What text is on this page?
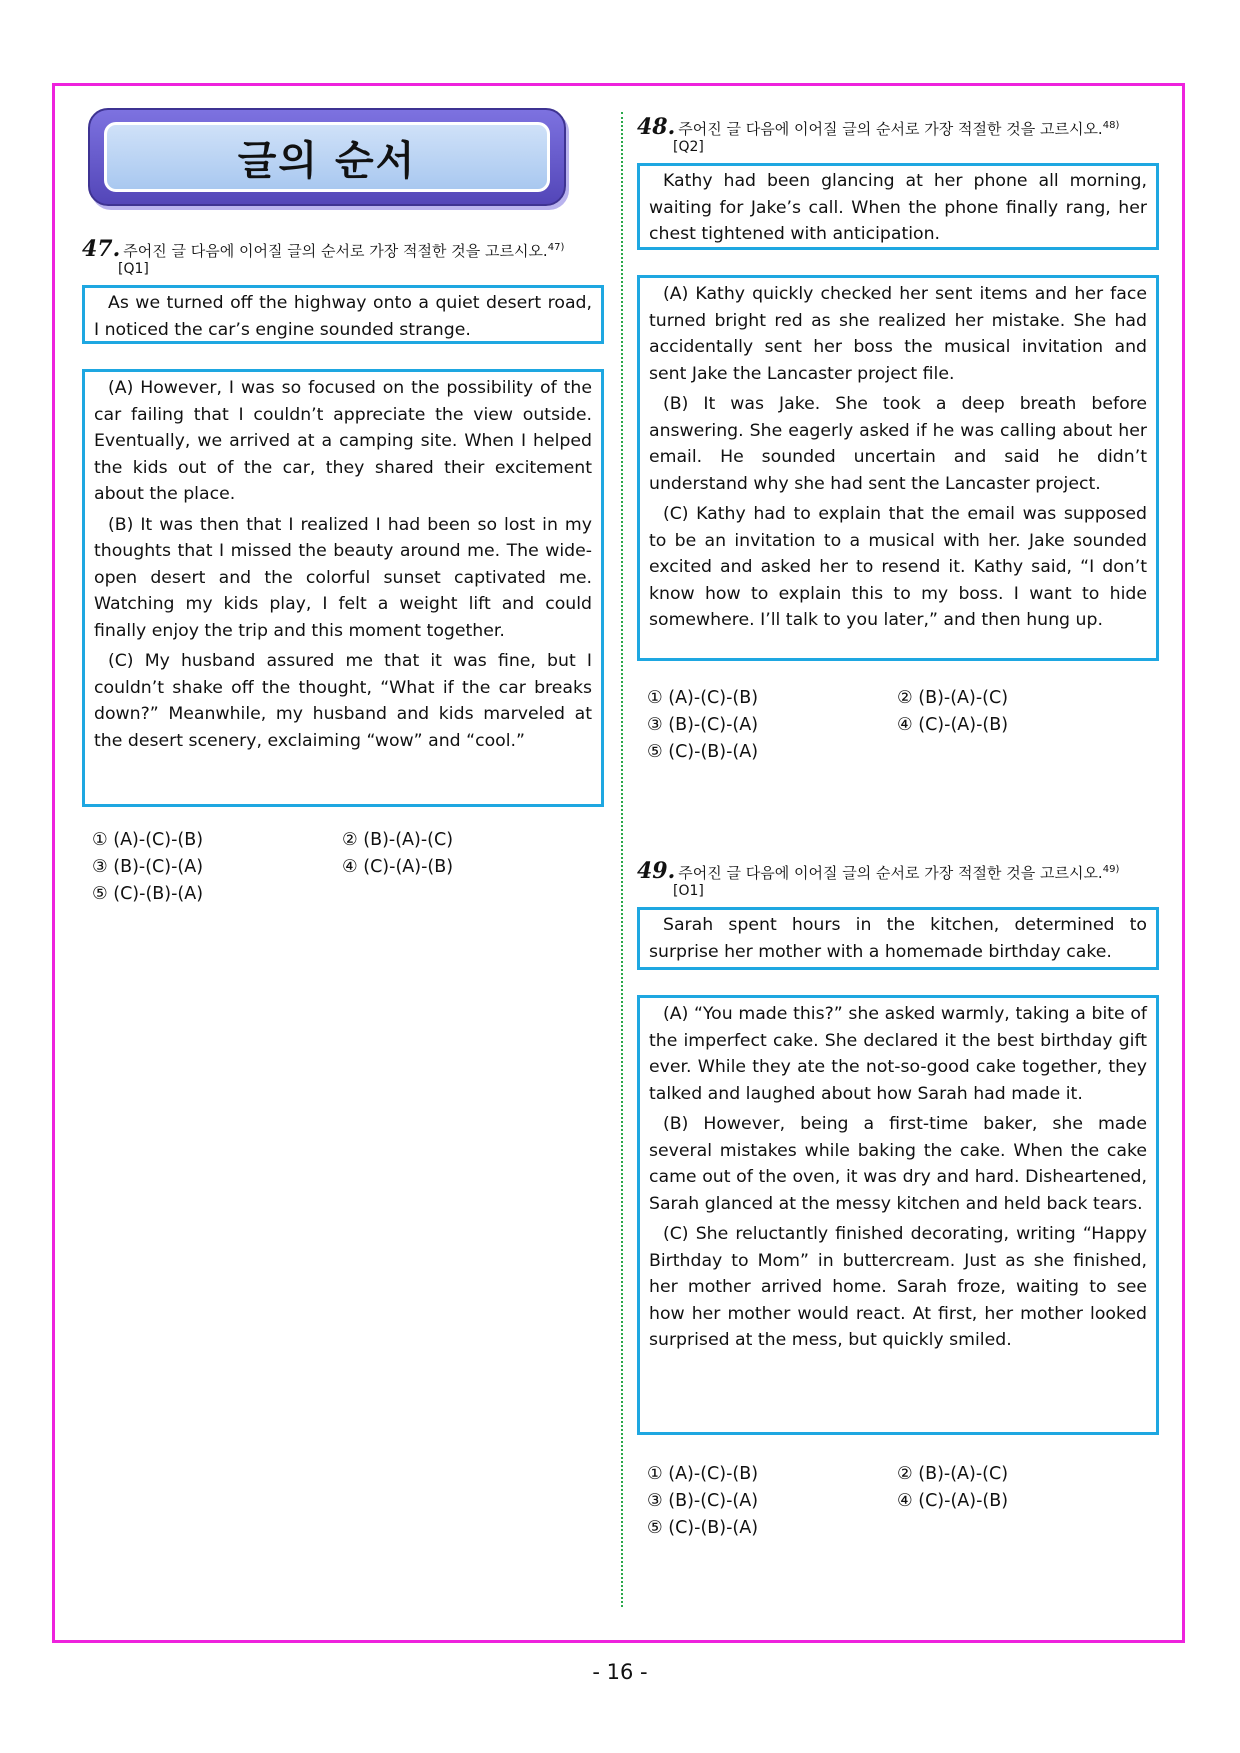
글의 순서
47. 주어진 글 다음에 이어질 글의 순서로 가장 적절한 것을 고르시오.$^{47)}$
[Q1]

As we turned off the highway onto a quiet desert road, I noticed the car’s engine sounded strange.

(A) However, I was so focused on the possibility of the car failing that I couldn’t appreciate the view outside. Eventually, we arrived at a camping site. When I helped the kids out of the car, they shared their excitement about the place.

(B) It was then that I realized I had been so lost in my thoughts that I missed the beauty around me. The wide-open desert and the colorful sunset captivated me. Watching my kids play, I felt a weight lift and could finally enjoy the trip and this moment together.

(C) My husband assured me that it was fine, but I couldn’t shake off the thought, “What if the car breaks down?” Meanwhile, my husband and kids marveled at the desert scenery, exclaiming “wow” and “cool.”

① (A)-(C)-(B)	② (B)-(A)-(C)
③ (B)-(C)-(A)	④ (C)-(A)-(B)
⑤ (C)-(B)-(A)
48. 주어진 글 다음에 이어질 글의 순서로 가장 적절한 것을 고르시오.$^{48)}$
[Q2]

Kathy had been glancing at her phone all morning, waiting for Jake’s call. When the phone finally rang, her chest tightened with anticipation.

(A) Kathy quickly checked her sent items and her face turned bright red as she realized her mistake. She had accidentally sent her boss the musical invitation and sent Jake the Lancaster project file.

(B) It was Jake. She took a deep breath before answering. She eagerly asked if he was calling about her email. He sounded uncertain and said he didn’t understand why she had sent the Lancaster project.

(C) Kathy had to explain that the email was supposed to be an invitation to a musical with her. Jake sounded excited and asked her to resend it. Kathy said, “I don’t know how to explain this to my boss. I want to hide somewhere. I’ll talk to you later,” and then hung up.

① (A)-(C)-(B)	② (B)-(A)-(C)
③ (B)-(C)-(A)	④ (C)-(A)-(B)
⑤ (C)-(B)-(A)
49. 주어진 글 다음에 이어질 글의 순서로 가장 적절한 것을 고르시오.$^{49)}$
[O1]

Sarah spent hours in the kitchen, determined to surprise her mother with a homemade birthday cake.

(A) “You made this?” she asked warmly, taking a bite of the imperfect cake. She declared it the best birthday gift ever. While they ate the not-so-good cake together, they talked and laughed about how Sarah had made it.

(B) However, being a first-time baker, she made several mistakes while baking the cake. When the cake came out of the oven, it was dry and hard. Disheartened, Sarah glanced at the messy kitchen and held back tears.

(C) She reluctantly finished decorating, writing “Happy Birthday to Mom” in buttercream. Just as she finished, her mother arrived home. Sarah froze, waiting to see how her mother would react. At first, her mother looked surprised at the mess, but quickly smiled.

① (A)-(C)-(B)	② (B)-(A)-(C)
③ (B)-(C)-(A)	④ (C)-(A)-(B)
⑤ (C)-(B)-(A)
- 16 -
